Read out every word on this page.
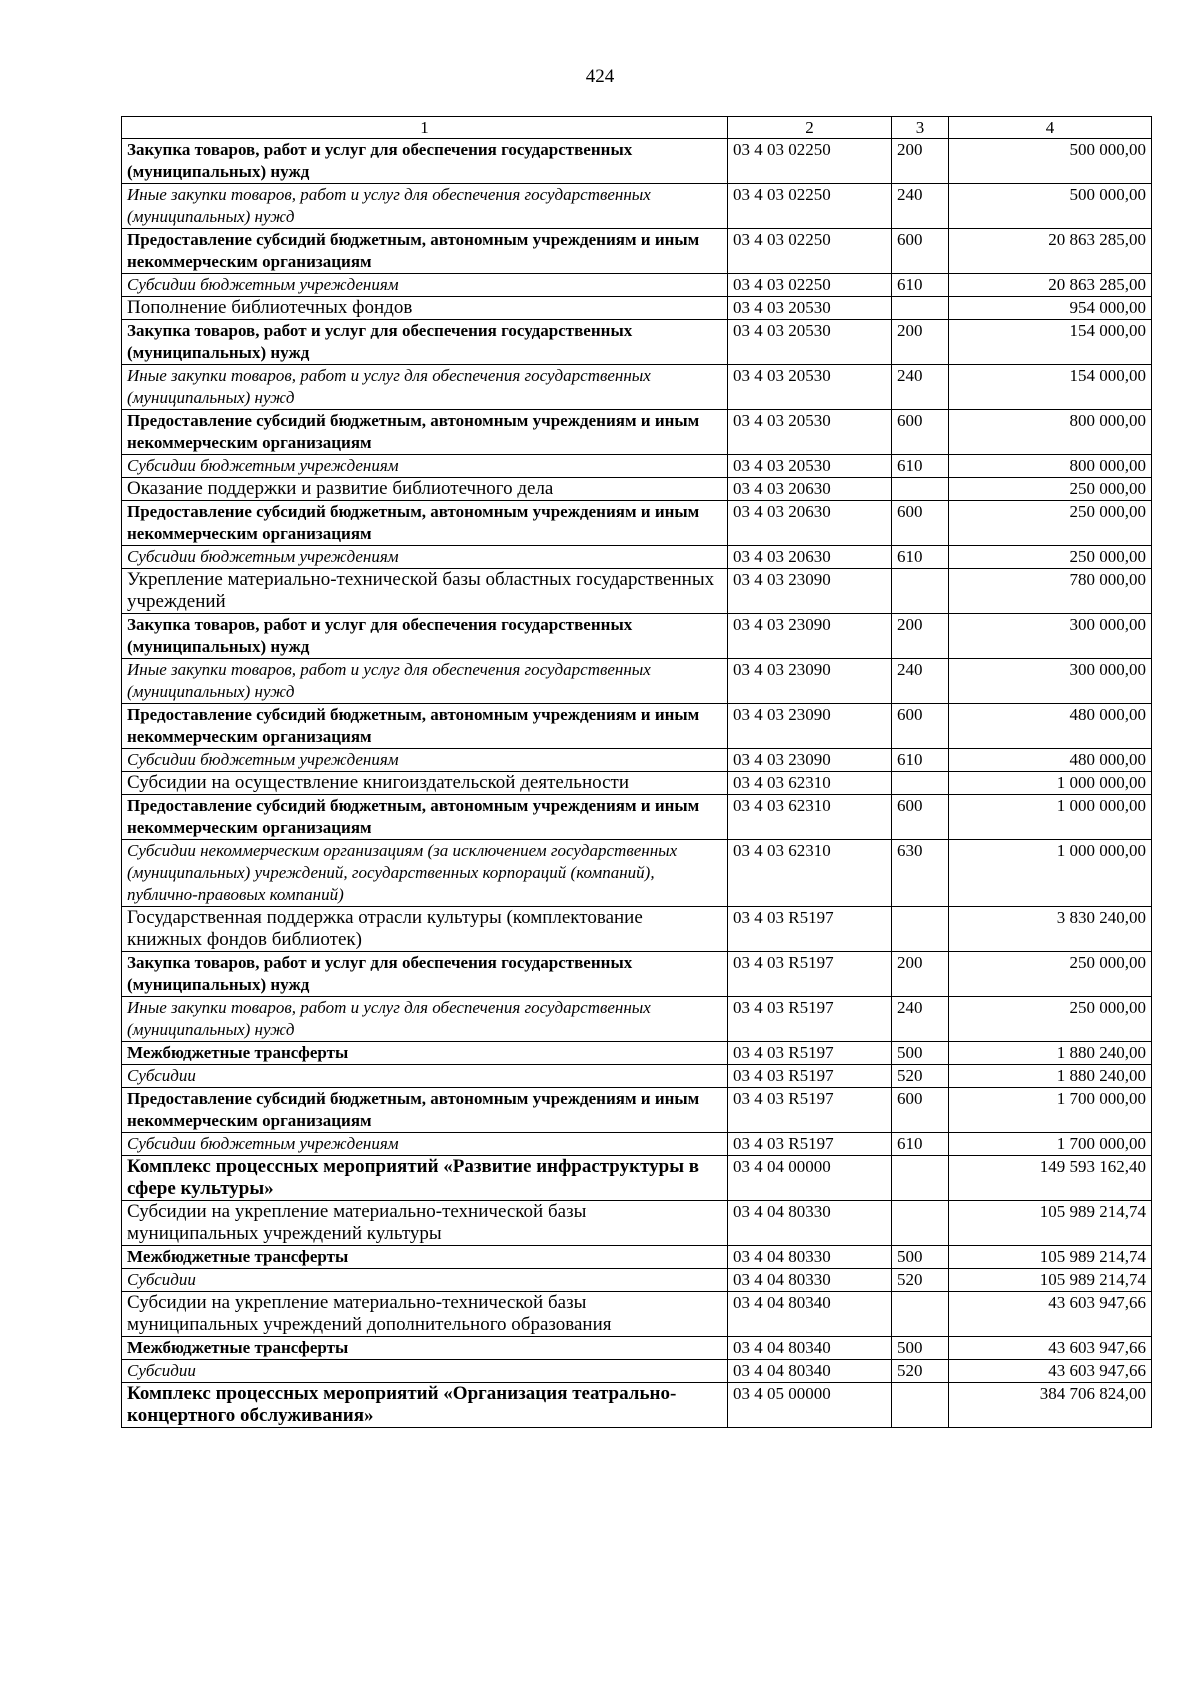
424
1	2	3	4
Закупка товаров, работ и услуг для обеспечения государственных (муниципальных) нужд	03 4 03 02250	200	500 000,00
Иные закупки товаров, работ и услуг для обеспечения государственных (муниципальных) нужд	03 4 03 02250	240	500 000,00
Предоставление субсидий бюджетным, автономным учреждениям и иным некоммерческим организациям	03 4 03 02250	600	20 863 285,00
Субсидии бюджетным учреждениям	03 4 03 02250	610	20 863 285,00
Пополнение библиотечных фондов	03 4 03 20530		954 000,00
Закупка товаров, работ и услуг для обеспечения государственных (муниципальных) нужд	03 4 03 20530	200	154 000,00
Иные закупки товаров, работ и услуг для обеспечения государственных (муниципальных) нужд	03 4 03 20530	240	154 000,00
Предоставление субсидий бюджетным, автономным учреждениям и иным некоммерческим организациям	03 4 03 20530	600	800 000,00
Субсидии бюджетным учреждениям	03 4 03 20530	610	800 000,00
Оказание поддержки и развитие библиотечного дела	03 4 03 20630		250 000,00
Предоставление субсидий бюджетным, автономным учреждениям и иным некоммерческим организациям	03 4 03 20630	600	250 000,00
Субсидии бюджетным учреждениям	03 4 03 20630	610	250 000,00
Укрепление материально-технической базы областных государственных учреждений	03 4 03 23090		780 000,00
Закупка товаров, работ и услуг для обеспечения государственных (муниципальных) нужд	03 4 03 23090	200	300 000,00
Иные закупки товаров, работ и услуг для обеспечения государственных (муниципальных) нужд	03 4 03 23090	240	300 000,00
Предоставление субсидий бюджетным, автономным учреждениям и иным некоммерческим организациям	03 4 03 23090	600	480 000,00
Субсидии бюджетным учреждениям	03 4 03 23090	610	480 000,00
Субсидии на осуществление книгоиздательской деятельности	03 4 03 62310		1 000 000,00
Предоставление субсидий бюджетным, автономным учреждениям и иным некоммерческим организациям	03 4 03 62310	600	1 000 000,00
Субсидии некоммерческим организациям (за исключением государственных (муниципальных) учреждений, государственных корпораций (компаний), публично-правовых компаний)	03 4 03 62310	630	1 000 000,00
Государственная поддержка отрасли культуры (комплектование книжных фондов библиотек)	03 4 03 R5197		3 830 240,00
Закупка товаров, работ и услуг для обеспечения государственных (муниципальных) нужд	03 4 03 R5197	200	250 000,00
Иные закупки товаров, работ и услуг для обеспечения государственных (муниципальных) нужд	03 4 03 R5197	240	250 000,00
Межбюджетные трансферты	03 4 03 R5197	500	1 880 240,00
Субсидии	03 4 03 R5197	520	1 880 240,00
Предоставление субсидий бюджетным, автономным учреждениям и иным некоммерческим организациям	03 4 03 R5197	600	1 700 000,00
Субсидии бюджетным учреждениям	03 4 03 R5197	610	1 700 000,00
Комплекс процессных мероприятий «Развитие инфраструктуры в сфере культуры»	03 4 04 00000		149 593 162,40
Субсидии на укрепление материально-технической базы муниципальных учреждений культуры	03 4 04 80330		105 989 214,74
Межбюджетные трансферты	03 4 04 80330	500	105 989 214,74
Субсидии	03 4 04 80330	520	105 989 214,74
Субсидии на укрепление материально-технической базы муниципальных учреждений дополнительного образования	03 4 04 80340		43 603 947,66
Межбюджетные трансферты	03 4 04 80340	500	43 603 947,66
Субсидии	03 4 04 80340	520	43 603 947,66
Комплекс процессных мероприятий «Организация театрально-концертного обслуживания»	03 4 05 00000		384 706 824,00
